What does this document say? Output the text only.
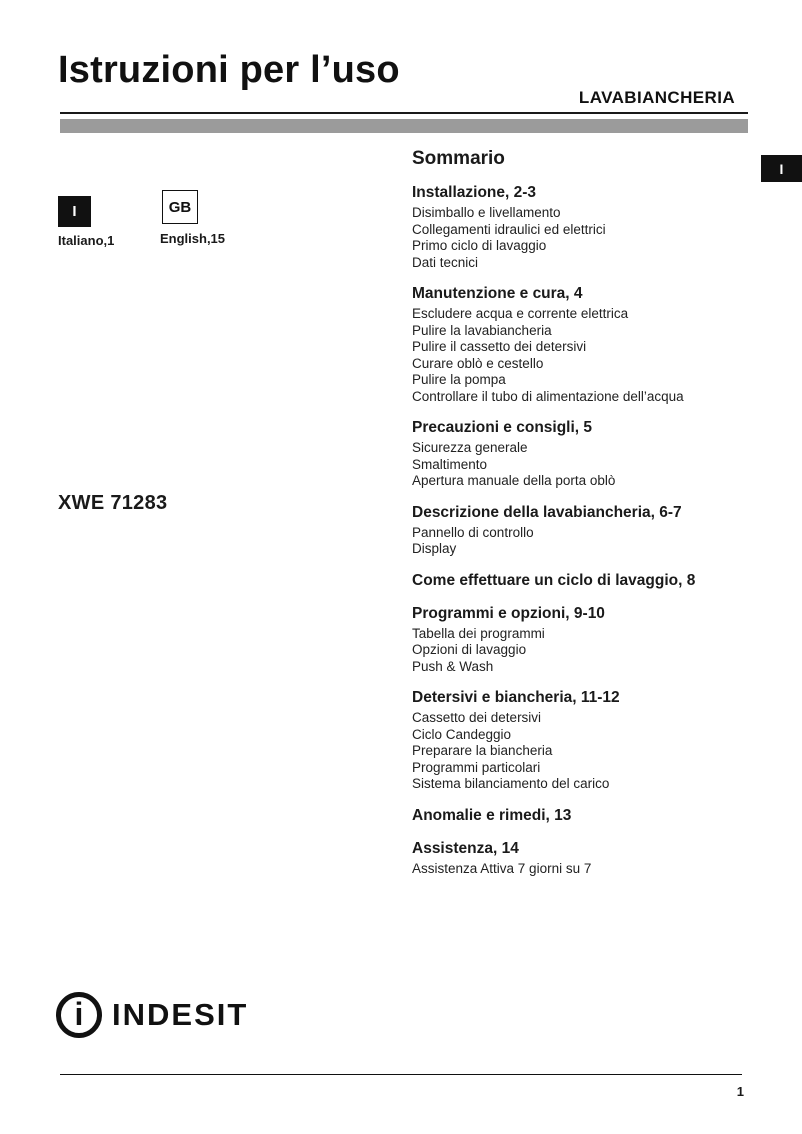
Istruzioni per l’uso
LAVABIANCHERIA
I
I
Italiano,1
GB
English,15
XWE 71283
Sommario
Installazione, 2-3
Disimballo e livellamento
Collegamenti idraulici ed elettrici
Primo ciclo di lavaggio
Dati tecnici
Manutenzione e cura, 4
Escludere acqua e corrente elettrica
Pulire la lavabiancheria
Pulire il cassetto dei detersivi
Curare oblò e cestello
Pulire la pompa
Controllare il tubo di alimentazione dell’acqua
Precauzioni e consigli, 5
Sicurezza generale
Smaltimento
Apertura manuale della porta oblò
Descrizione della lavabiancheria, 6-7
Pannello di controllo
Display
Come effettuare un ciclo di lavaggio, 8
Programmi e opzioni, 9-10
Tabella dei programmi
Opzioni di lavaggio
Push & Wash
Detersivi e biancheria, 11-12
Cassetto dei detersivi
Ciclo Candeggio
Preparare la biancheria
Programmi particolari
Sistema bilanciamento del carico
Anomalie e rimedi, 13
Assistenza, 14
Assistenza Attiva 7 giorni su 7
i INDESIT
1
